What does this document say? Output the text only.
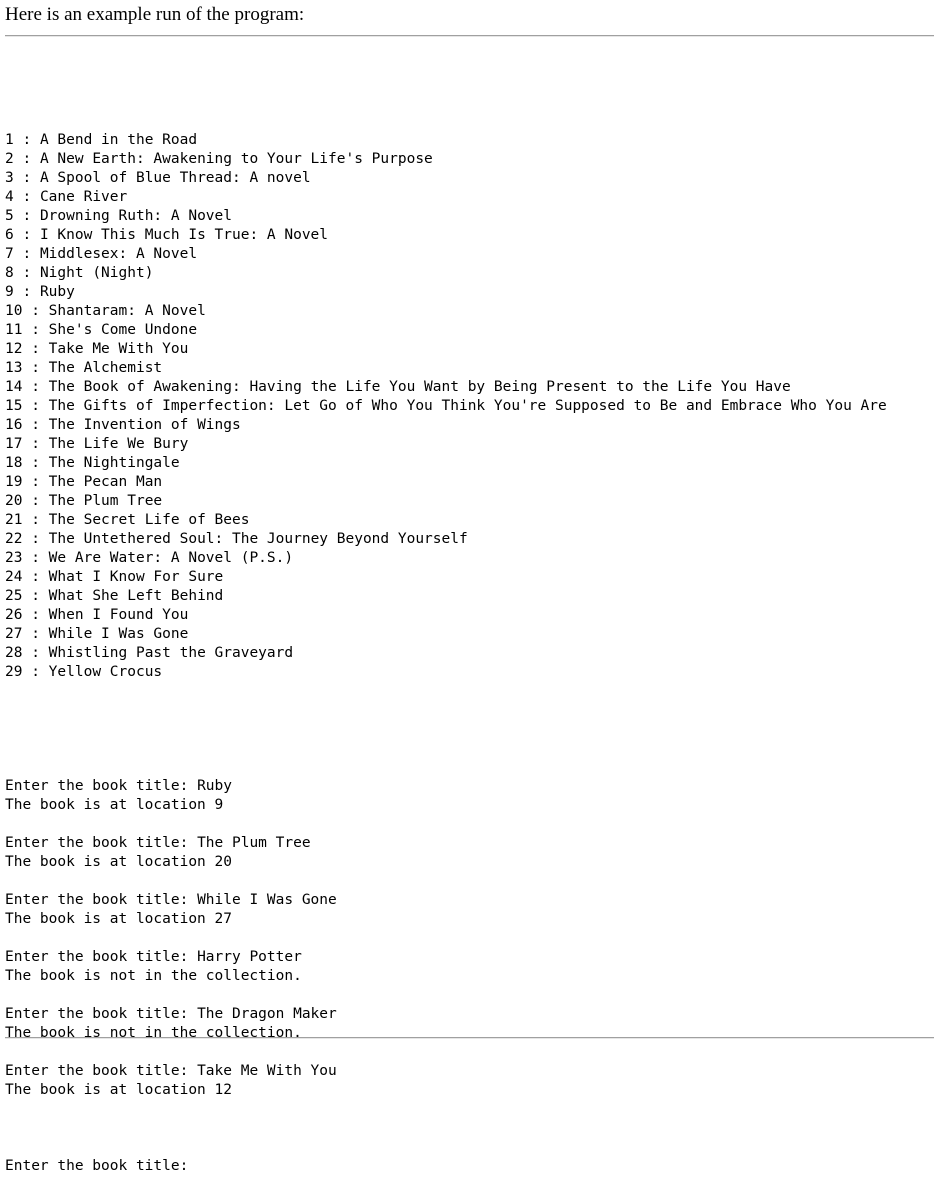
Here is an example run of the program:

1 : A Bend in the Road
2 : A New Earth: Awakening to Your Life's Purpose
3 : A Spool of Blue Thread: A novel
4 : Cane River
5 : Drowning Ruth: A Novel
6 : I Know This Much Is True: A Novel
7 : Middlesex: A Novel
8 : Night (Night)
9 : Ruby
10 : Shantaram: A Novel
11 : She's Come Undone
12 : Take Me With You
13 : The Alchemist
14 : The Book of Awakening: Having the Life You Want by Being Present to the Life You Have
15 : The Gifts of Imperfection: Let Go of Who You Think You're Supposed to Be and Embrace Who You Are
16 : The Invention of Wings
17 : The Life We Bury
18 : The Nightingale
19 : The Pecan Man
20 : The Plum Tree
21 : The Secret Life of Bees
22 : The Untethered Soul: The Journey Beyond Yourself
23 : We Are Water: A Novel (P.S.)
24 : What I Know For Sure
25 : What She Left Behind
26 : When I Found You
27 : While I Was Gone
28 : Whistling Past the Graveyard
29 : Yellow Crocus

Enter the book title: Ruby
The book is at location 9
Enter the book title: The Plum Tree
The book is at location 20
Enter the book title: While I Was Gone
The book is at location 27
Enter the book title: Harry Potter
The book is not in the collection.
Enter the book title: The Dragon Maker
The book is not in the collection.
Enter the book title: Take Me With You
The book is at location 12

Enter the book title:
